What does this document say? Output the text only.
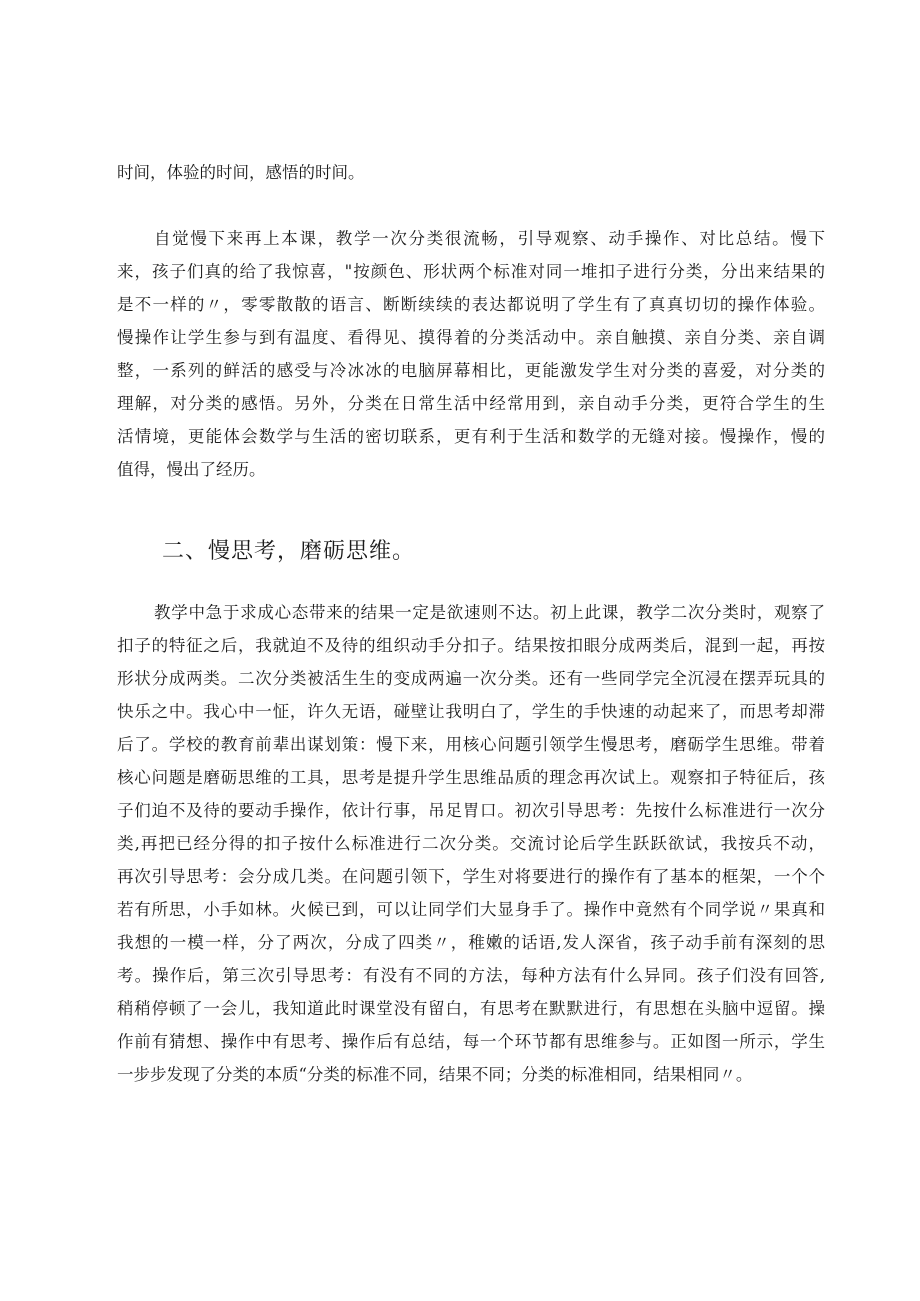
时间，体验的时间，感悟的时间。
自觉慢下来再上本课，教学一次分类很流畅，引导观察、动手操作、对比总结。慢下
来，孩子们真的给了我惊喜，"按颜色、形状两个标准对同一堆扣子进行分类，分出来结果的
是不一样的〃，零零散散的语言、断断续续的表达都说明了学生有了真真切切的操作体验。
慢操作让学生参与到有温度、看得见、摸得着的分类活动中。亲自触摸、亲自分类、亲自调
整，一系列的鲜活的感受与冷冰冰的电脑屏幕相比，更能激发学生对分类的喜爱，对分类的
理解，对分类的感悟。另外，分类在日常生活中经常用到，亲自动手分类，更符合学生的生
活情境，更能体会数学与生活的密切联系，更有利于生活和数学的无缝对接。慢操作，慢的
值得，慢出了经历。
二、慢思考，磨砺思维。
教学中急于求成心态带来的结果一定是欲速则不达。初上此课，教学二次分类时，观察了
扣子的特征之后，我就迫不及待的组织动手分扣子。结果按扣眼分成两类后，混到一起，再按
形状分成两类。二次分类被活生生的变成两遍一次分类。还有一些同学完全沉浸在摆弄玩具的
快乐之中。我心中一怔，许久无语，碰壁让我明白了，学生的手快速的动起来了，而思考却滞
后了。学校的教育前辈出谋划策：慢下来，用核心问题引领学生慢思考，磨砺学生思维。带着
核心问题是磨砺思维的工具，思考是提升学生思维品质的理念再次试上。观察扣子特征后，孩
子们迫不及待的要动手操作，依计行事，吊足胃口。初次引导思考：先按什么标准进行一次分
类,再把已经分得的扣子按什么标准进行二次分类。交流讨论后学生跃跃欲试，我按兵不动，
再次引导思考：会分成几类。在问题引领下，学生对将要进行的操作有了基本的框架，一个个
若有所思，小手如林。火候已到，可以让同学们大显身手了。操作中竟然有个同学说〃果真和
我想的一模一样，分了两次，分成了四类〃，稚嫩的话语,发人深省，孩子动手前有深刻的思
考。操作后，第三次引导思考：有没有不同的方法，每种方法有什么异同。孩子们没有回答,
稍稍停顿了一会儿，我知道此时课堂没有留白，有思考在默默进行，有思想在头脑中逗留。操
作前有猜想、操作中有思考、操作后有总结，每一个环节都有思维参与。正如图一所示，学生
一步步发现了分类的本质“分类的标准不同，结果不同；分类的标准相同，结果相同〃。
